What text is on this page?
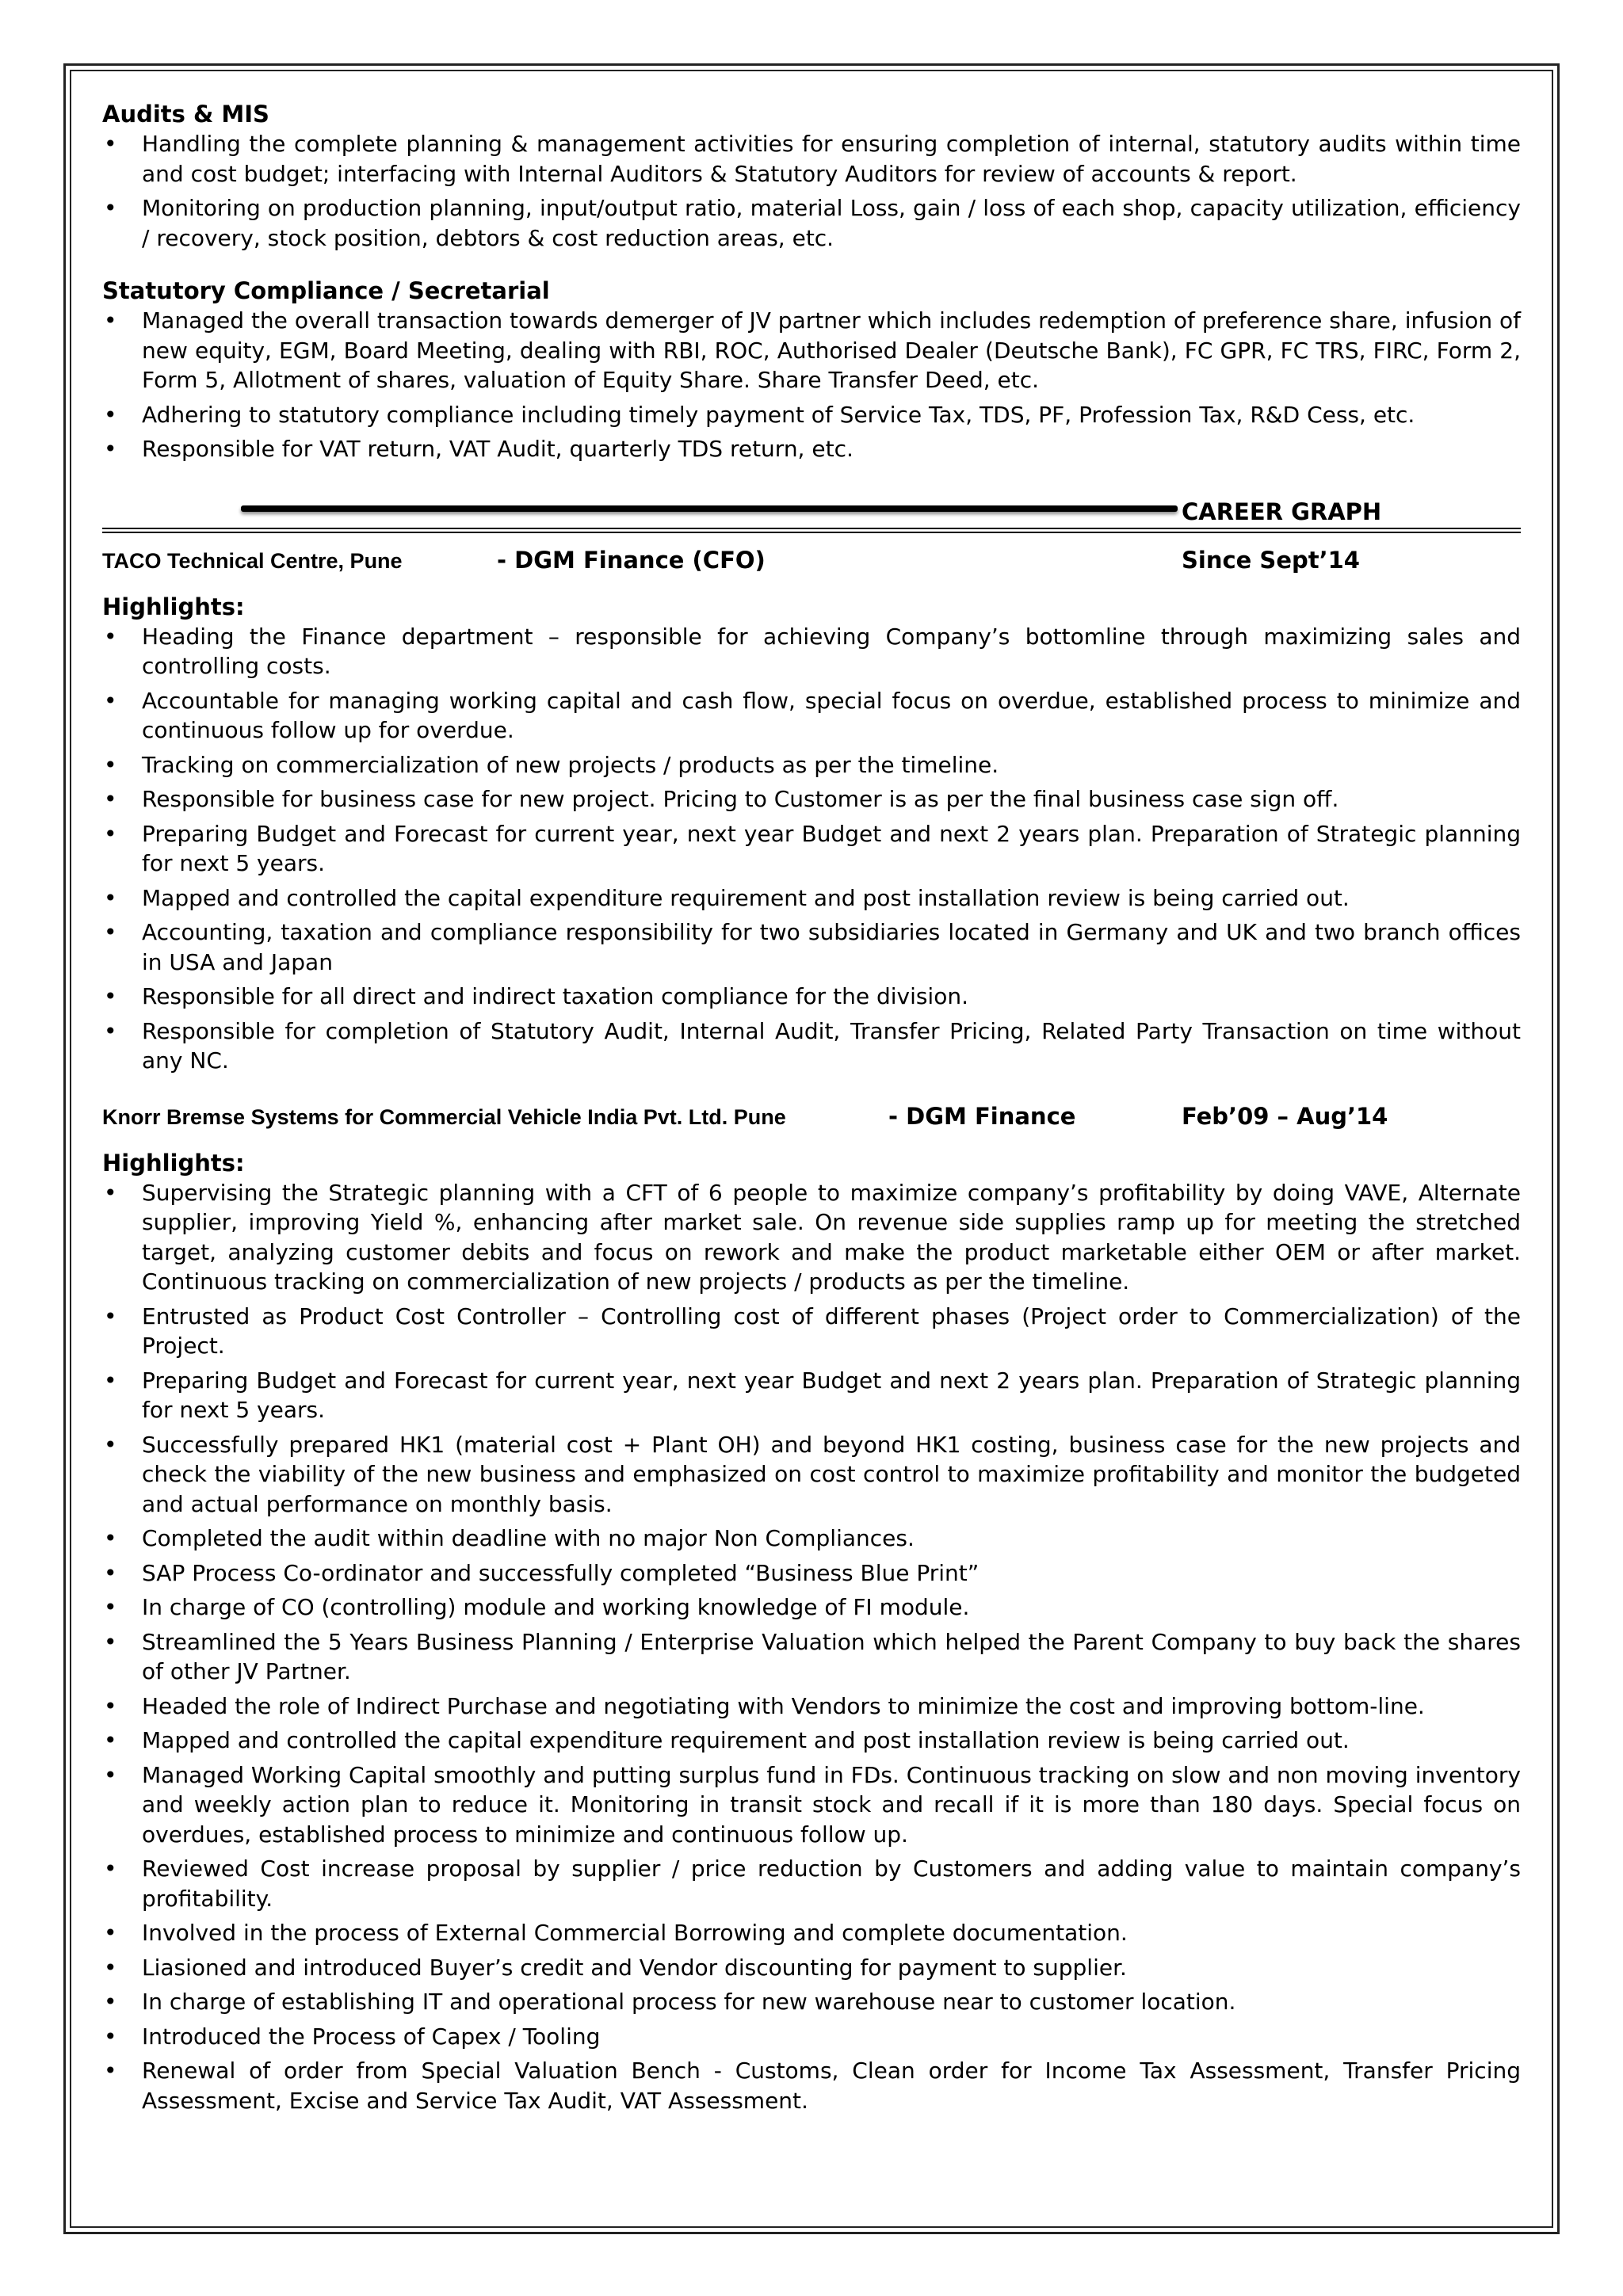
Audits & MIS
•	Handling the complete planning & management activities for ensuring completion of internal, statutory audits within time and cost budget; interfacing with Internal Auditors & Statutory Auditors for review of accounts & report.
•	Monitoring on production planning, input/output ratio, material Loss, gain / loss of each shop, capacity utilization, efficiency / recovery, stock position, debtors & cost reduction areas, etc.
Statutory Compliance / Secretarial
•	Managed the overall transaction towards demerger of JV partner which includes redemption of preference share, infusion of new equity, EGM, Board Meeting, dealing with RBI, ROC, Authorised Dealer (Deutsche Bank), FC GPR, FC TRS, FIRC, Form 2, Form 5, Allotment of shares, valuation of Equity Share. Share Transfer Deed, etc.
•	Adhering to statutory compliance including timely payment of Service Tax, TDS, PF, Profession Tax, R&D Cess, etc.
•	Responsible for VAT return, VAT Audit, quarterly TDS return, etc.
CAREER GRAPH
TACO Technical Centre, Pune	- DGM Finance (CFO)	Since Sept’14
Highlights:
•	Heading the Finance department – responsible for achieving Company’s bottomline through maximizing sales and controlling costs.
•	Accountable for managing working capital and cash flow, special focus on overdue, established process to minimize and continuous follow up for overdue.
•	Tracking on commercialization of new projects / products as per the timeline.
•	Responsible for business case for new project. Pricing to Customer is as per the final business case sign off.
•	Preparing Budget and Forecast for current year, next year Budget and next 2 years plan. Preparation of Strategic planning for next 5 years.
•	Mapped and controlled the capital expenditure requirement and post installation review is being carried out.
•	Accounting, taxation and compliance responsibility for two subsidiaries located in Germany and UK and two branch offices in USA and Japan
•	Responsible for all direct and indirect taxation compliance for the division.
•	Responsible for completion of Statutory Audit, Internal Audit, Transfer Pricing, Related Party Transaction on time without any NC.
Knorr Bremse Systems for Commercial Vehicle India Pvt. Ltd. Pune	- DGM Finance	Feb’09 – Aug’14
Highlights:
•	Supervising the Strategic planning with a CFT of 6 people to maximize company’s profitability by doing VAVE, Alternate supplier, improving Yield %, enhancing after market sale. On revenue side supplies ramp up for meeting the stretched target, analyzing customer debits and focus on rework and make the product marketable either OEM or after market. Continuous tracking on commercialization of new projects / products as per the timeline.
•	Entrusted as Product Cost Controller – Controlling cost of different phases (Project order to Commercialization) of the Project.
•	Preparing Budget and Forecast for current year, next year Budget and next 2 years plan. Preparation of Strategic planning for next 5 years.
•	Successfully prepared HK1 (material cost + Plant OH) and beyond HK1 costing, business case for the new projects and check the viability of the new business and emphasized on cost control to maximize profitability and monitor the budgeted and actual performance on monthly basis.
•	Completed the audit within deadline with no major Non Compliances.
•	SAP Process Co-ordinator and successfully completed “Business Blue Print”
•	In charge of CO (controlling) module and working knowledge of FI module.
•	Streamlined the 5 Years Business Planning / Enterprise Valuation which helped the Parent Company to buy back the shares of other JV Partner.
•	Headed the role of Indirect Purchase and negotiating with Vendors to minimize the cost and improving bottom-line.
•	Mapped and controlled the capital expenditure requirement and post installation review is being carried out.
•	Managed Working Capital smoothly and putting surplus fund in FDs. Continuous tracking on slow and non moving inventory and weekly action plan to reduce it. Monitoring in transit stock and recall if it is more than 180 days. Special focus on overdues, established process to minimize and continuous follow up.
•	Reviewed Cost increase proposal by supplier / price reduction by Customers and adding value to maintain company’s profitability.
•	Involved in the process of External Commercial Borrowing and complete documentation.
•	Liasioned and introduced Buyer’s credit and Vendor discounting for payment to supplier.
•	In charge of establishing IT and operational process for new warehouse near to customer location.
•	Introduced the Process of Capex / Tooling
•	Renewal of order from Special Valuation Bench - Customs, Clean order for Income Tax Assessment, Transfer Pricing Assessment, Excise and Service Tax Audit, VAT Assessment.
